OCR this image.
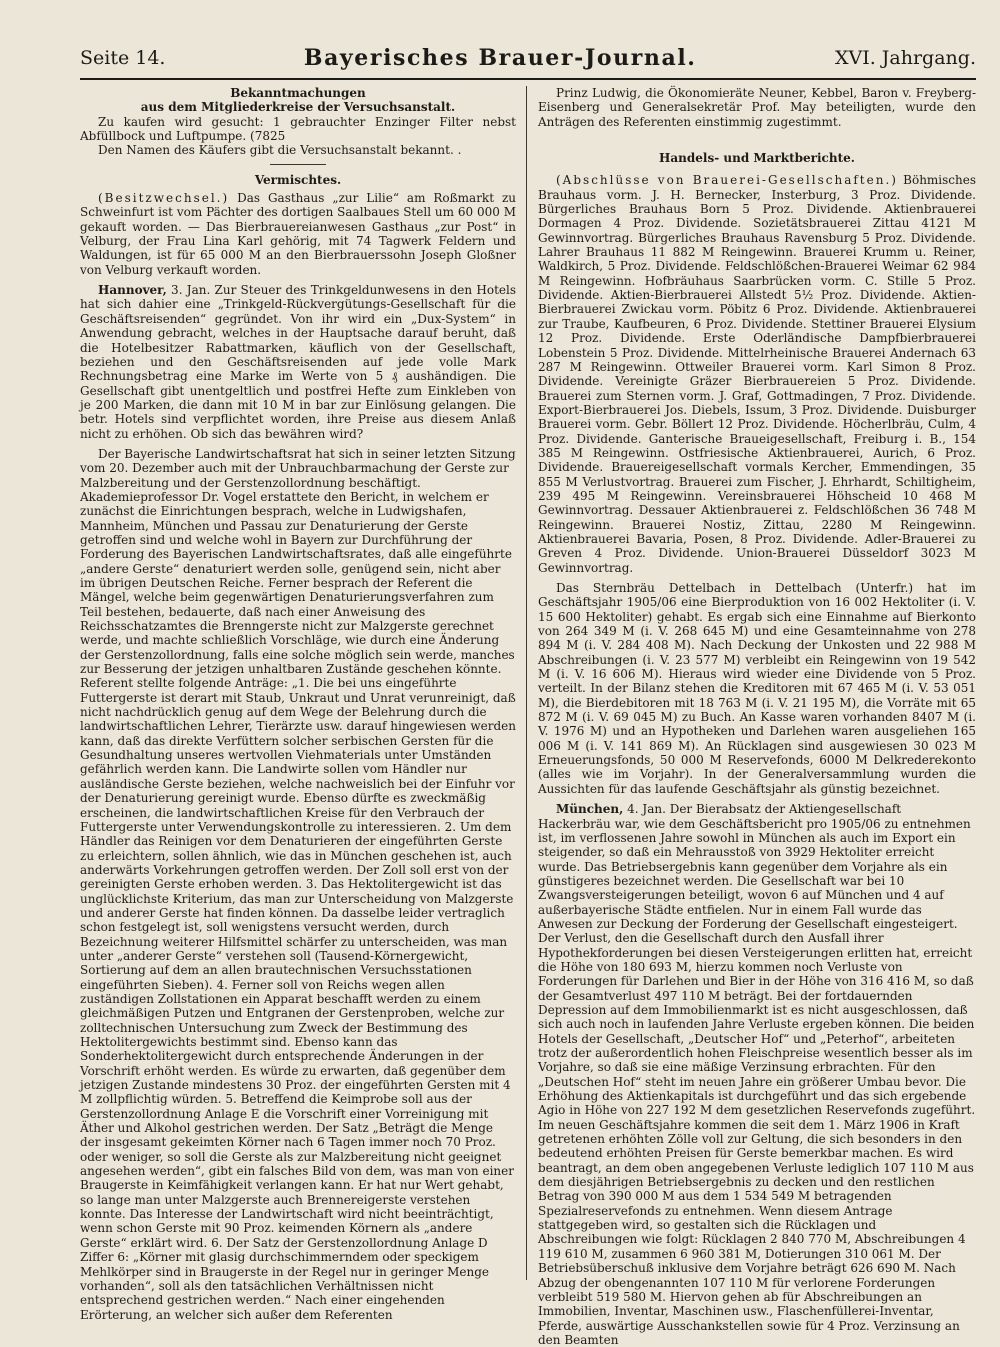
Seite 14.	Bayerisches Brauer-Journal.	XVI. Jahrgang.

Bekanntmachungen

aus dem Mitgliederkreise der Versuchsanstalt.

Zu kaufen wird gesucht: 1 gebrauchter Enzinger Filter nebst Abfüllbock und Luftpumpe. (7825

Den Namen des Käufers gibt die Versuchsanstalt bekannt. .

Vermischtes.

(Besitzwechsel.) Das Gasthaus „zur Lilie“ am Roßmarkt zu Schweinfurt ist vom Pächter des dortigen Saalbaues Stell um 60 000 M gekauft worden. — Das Bierbrauereianwesen Gasthaus „zur Post“ in Velburg, der Frau Lina Karl gehörig, mit 74 Tagwerk Feldern und Waldungen, ist für 65 000 M an den Bierbrauerssohn Joseph Gloßner von Velburg verkauft worden.

Hannover, 3. Jan. Zur Steuer des Trinkgeldunwesens in den Hotels hat sich dahier eine „Trinkgeld-Rückvergütungs-Gesellschaft für die Geschäftsreisenden“ gegründet. Von ihr wird ein „Dux-System“ in Anwendung gebracht, welches in der Hauptsache darauf beruht, daß die Hotelbesitzer Rabattmarken, käuflich von der Gesellschaft, beziehen und den Geschäftsreisenden auf jede volle Mark Rechnungsbetrag eine Marke im Werte von 5 ₰ aushändigen. Die Gesellschaft gibt unentgeltlich und postfrei Hefte zum Einkleben von je 200 Marken, die dann mit 10 M in bar zur Einlösung gelangen. Die betr. Hotels sind verpflichtet worden, ihre Preise aus diesem Anlaß nicht zu erhöhen. Ob sich das bewähren wird?

Der Bayerische Landwirtschaftsrat hat sich in seiner letzten Sitzung vom 20. Dezember auch mit der Unbrauchbarmachung der Gerste zur Malzbereitung und der Gerstenzollordnung beschäftigt. Akademieprofessor Dr. Vogel erstattete den Bericht, in welchem er zunächst die Einrichtungen besprach, welche in Ludwigshafen, Mannheim, München und Passau zur Denaturierung der Gerste getroffen sind und welche wohl in Bayern zur Durchführung der Forderung des Bayerischen Landwirtschaftsrates, daß alle eingeführte „andere Gerste“ denaturiert werden solle, genügend sein, nicht aber im übrigen Deutschen Reiche. Ferner besprach der Referent die Mängel, welche beim gegenwärtigen Denaturierungsverfahren zum Teil bestehen, bedauerte, daß nach einer Anweisung des Reichsschatzamtes die Brenngerste nicht zur Malzgerste gerechnet werde, und machte schließlich Vorschläge, wie durch eine Änderung der Gerstenzollordnung, falls eine solche möglich sein werde, manches zur Besserung der jetzigen unhaltbaren Zustände geschehen könnte. Referent stellte folgende Anträge: „1. Die bei uns eingeführte Futtergerste ist derart mit Staub, Unkraut und Unrat verunreinigt, daß nicht nachdrücklich genug auf dem Wege der Belehrung durch die landwirtschaftlichen Lehrer, Tierärzte usw. darauf hingewiesen werden kann, daß das direkte Verfüttern solcher serbischen Gersten für die Gesundhaltung unseres wertvollen Viehmaterials unter Umständen gefährlich werden kann. Die Landwirte sollen vom Händler nur ausländische Gerste beziehen, welche nachweislich bei der Einfuhr vor der Denaturierung gereinigt wurde. Ebenso dürfte es zweckmäßig erscheinen, die landwirtschaftlichen Kreise für den Verbrauch der Futtergerste unter Verwendungskontrolle zu interessieren. 2. Um dem Händler das Reinigen vor dem Denaturieren der eingeführten Gerste zu erleichtern, sollen ähnlich, wie das in München geschehen ist, auch anderwärts Vorkehrungen getroffen werden. Der Zoll soll erst von der gereinigten Gerste erhoben werden. 3. Das Hektolitergewicht ist das unglücklichste Kriterium, das man zur Unterscheidung von Malzgerste und anderer Gerste hat finden können. Da dasselbe leider vertraglich schon festgelegt ist, soll wenigstens versucht werden, durch Bezeichnung weiterer Hilfsmittel schärfer zu unterscheiden, was man unter „anderer Gerste“ verstehen soll (Tausend-Körnergewicht, Sortierung auf dem an allen brautechnischen Versuchsstationen eingeführten Sieben). 4. Ferner soll von Reichs wegen allen zuständigen Zollstationen ein Apparat beschafft werden zu einem gleichmäßigen Putzen und Entgranen der Gerstenproben, welche zur zolltechnischen Untersuchung zum Zweck der Bestimmung des Hektolitergewichts bestimmt sind. Ebenso kann das Sonderhektolitergewicht durch entsprechende Änderungen in der Vorschrift erhöht werden. Es würde zu erwarten, daß gegenüber dem jetzigen Zustande mindestens 30 Proz. der eingeführten Gersten mit 4 M zollpflichtig würden. 5. Betreffend die Keimprobe soll aus der Gerstenzollordnung Anlage E die Vorschrift einer Vorreinigung mit Äther und Alkohol gestrichen werden. Der Satz „Beträgt die Menge der insgesamt gekeimten Körner nach 6 Tagen immer noch 70 Proz. oder weniger, so soll die Gerste als zur Malzbereitung nicht geeignet angesehen werden“, gibt ein falsches Bild von dem, was man von einer Braugerste in Keimfähigkeit verlangen kann. Er hat nur Wert gehabt, so lange man unter Malzgerste auch Brennereigerste verstehen konnte. Das Interesse der Landwirtschaft wird nicht beeinträchtigt, wenn schon Gerste mit 90 Proz. keimenden Körnern als „andere Gerste“ erklärt wird. 6. Der Satz der Gerstenzollordnung Anlage D Ziffer 6: „Körner mit glasig durchschimmerndem oder speckigem Mehlkörper sind in Braugerste in der Regel nur in geringer Menge vorhanden“, soll als den tatsächlichen Verhältnissen nicht entsprechend gestrichen werden.“ Nach einer eingehenden Erörterung, an welcher sich außer dem Referenten

Prinz Ludwig, die Ökonomieräte Neuner, Kebbel, Baron v. Freyberg-Eisenberg und Generalsekretär Prof. May beteiligten, wurde den Anträgen des Referenten einstimmig zugestimmt.

Handels- und Marktberichte.

(Abschlüsse von Brauerei-Gesellschaften.) Böhmisches Brauhaus vorm. J. H. Bernecker, Insterburg, 3 Proz. Dividende. Bürgerliches Brauhaus Born 5 Proz. Dividende. Aktienbrauerei Dormagen 4 Proz. Dividende. Sozietätsbrauerei Zittau 4121 M Gewinnvortrag. Bürgerliches Brauhaus Ravensburg 5 Proz. Dividende. Lahrer Brauhaus 11 882 M Reingewinn. Brauerei Krumm u. Reiner, Waldkirch, 5 Proz. Dividende. Feldschlößchen-Brauerei Weimar 62 984 M Reingewinn. Hofbräuhaus Saarbrücken vorm. C. Stille 5 Proz. Dividende. Aktien-Bierbrauerei Allstedt 5½ Proz. Dividende. Aktien-Bierbrauerei Zwickau vorm. Pöbitz 6 Proz. Dividende. Aktienbrauerei zur Traube, Kaufbeuren, 6 Proz. Dividende. Stettiner Brauerei Elysium 12 Proz. Dividende. Erste Oderländische Dampfbierbrauerei Lobenstein 5 Proz. Dividende. Mittelrheinische Brauerei Andernach 63 287 M Reingewinn. Ottweiler Brauerei vorm. Karl Simon 8 Proz. Dividende. Vereinigte Gräzer Bierbrauereien 5 Proz. Dividende. Brauerei zum Sternen vorm. J. Graf, Gottmadingen, 7 Proz. Dividende. Export-Bierbrauerei Jos. Diebels, Issum, 3 Proz. Dividende. Duisburger Brauerei vorm. Gebr. Böllert 12 Proz. Dividende. Höcherlbräu, Culm, 4 Proz. Dividende. Ganterische Braueigesellschaft, Freiburg i. B., 154 385 M Reingewinn. Ostfriesische Aktienbrauerei, Aurich, 6 Proz. Dividende. Brauereigesellschaft vormals Kercher, Emmendingen, 35 855 M Verlustvortrag. Brauerei zum Fischer, J. Ehrhardt, Schiltigheim, 239 495 M Reingewinn. Vereinsbrauerei Höhscheid 10 468 M Gewinnvortrag. Dessauer Aktienbrauerei z. Feldschlößchen 36 748 M Reingewinn. Brauerei Nostiz, Zittau, 2280 M Reingewinn. Aktienbrauerei Bavaria, Posen, 8 Proz. Dividende. Adler-Brauerei zu Greven 4 Proz. Dividende. Union-Brauerei Düsseldorf 3023 M Gewinnvortrag.

Das Sternbräu Dettelbach in Dettelbach (Unterfr.) hat im Geschäftsjahr 1905/06 eine Bierproduktion von 16 002 Hektoliter (i. V. 15 600 Hektoliter) gehabt. Es ergab sich eine Einnahme auf Bierkonto von 264 349 M (i. V. 268 645 M) und eine Gesamteinnahme von 278 894 M (i. V. 284 408 M). Nach Deckung der Unkosten und 22 988 M Abschreibungen (i. V. 23 577 M) verbleibt ein Reingewinn von 19 542 M (i. V. 16 606 M). Hieraus wird wieder eine Dividende von 5 Proz. verteilt. In der Bilanz stehen die Kreditoren mit 67 465 M (i. V. 53 051 M), die Bierdebitoren mit 18 763 M (i. V. 21 195 M), die Vorräte mit 65 872 M (i. V. 69 045 M) zu Buch. An Kasse waren vorhanden 8407 M (i. V. 1976 M) und an Hypotheken und Darlehen waren ausgeliehen 165 006 M (i. V. 141 869 M). An Rücklagen sind ausgewiesen 30 023 M Erneuerungsfonds, 50 000 M Reservefonds, 6000 M Delkrederekonto (alles wie im Vorjahr). In der Generalversammlung wurden die Aussichten für das laufende Geschäftsjahr als günstig bezeichnet.

München, 4. Jan. Der Bierabsatz der Aktiengesellschaft Hackerbräu war, wie dem Geschäftsbericht pro 1905/06 zu entnehmen ist, im verflossenen Jahre sowohl in München als auch im Export ein steigender, so daß ein Mehrausstoß von 3929 Hektoliter erreicht wurde. Das Betriebsergebnis kann gegenüber dem Vorjahre als ein günstigeres bezeichnet werden. Die Gesellschaft war bei 10 Zwangsversteigerungen beteiligt, wovon 6 auf München und 4 auf außerbayerische Städte entfielen. Nur in einem Fall wurde das Anwesen zur Deckung der Forderung der Gesellschaft eingesteigert. Der Verlust, den die Gesellschaft durch den Ausfall ihrer Hypothekforderungen bei diesen Versteigerungen erlitten hat, erreicht die Höhe von 180 693 M, hierzu kommen noch Verluste von Forderungen für Darlehen und Bier in der Höhe von 316 416 M, so daß der Gesamtverlust 497 110 M beträgt. Bei der fortdauernden Depression auf dem Immobilienmarkt ist es nicht ausgeschlossen, daß sich auch noch in laufenden Jahre Verluste ergeben können. Die beiden Hotels der Gesellschaft, „Deutscher Hof“ und „Peterhof“, arbeiteten trotz der außerordentlich hohen Fleischpreise wesentlich besser als im Vorjahre, so daß sie eine mäßige Verzinsung erbrachten. Für den „Deutschen Hof“ steht im neuen Jahre ein größerer Umbau bevor. Die Erhöhung des Aktienkapitals ist durchgeführt und das sich ergebende Agio in Höhe von 227 192 M dem gesetzlichen Reservefonds zugeführt. Im neuen Geschäftsjahre kommen die seit dem 1. März 1906 in Kraft getretenen erhöhten Zölle voll zur Geltung, die sich besonders in den bedeutend erhöhten Preisen für Gerste bemerkbar machen. Es wird beantragt, an dem oben angegebenen Verluste lediglich 107 110 M aus dem diesjährigen Betriebsergebnis zu decken und den restlichen Betrag von 390 000 M aus dem 1 534 549 M betragenden Spezialreservefonds zu entnehmen. Wenn diesem Antrage stattgegeben wird, so gestalten sich die Rücklagen und Abschreibungen wie folgt: Rücklagen 2 840 770 M, Abschreibungen 4 119 610 M, zusammen 6 960 381 M, Dotierungen 310 061 M. Der Betriebsüberschuß inklusive dem Vorjahre beträgt 626 690 M. Nach Abzug der obengenannten 107 110 M für verlorene Forderungen verbleibt 519 580 M. Hiervon gehen ab für Abschreibungen an Immobilien, Inventar, Maschinen usw., Flaschenfüllerei-Inventar, Pferde, auswärtige Ausschankstellen sowie für 4 Proz. Verzinsung an den Beamten
